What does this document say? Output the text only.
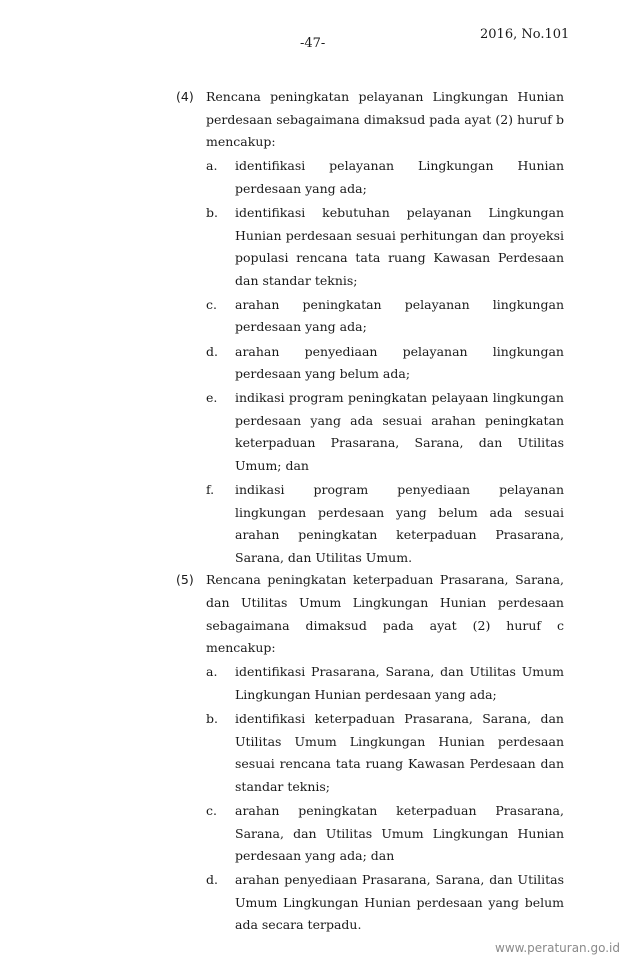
-47-
2016, No.101
(4) Rencana peningkatan pelayanan Lingkungan Hunian perdesaan sebagaimana dimaksud pada ayat (2) huruf b mencakup:

a.	identifikasi pelayanan Lingkungan Hunian perdesaan yang ada;

b.	identifikasi kebutuhan pelayanan Lingkungan Hunian perdesaan sesuai perhitungan dan proyeksi populasi rencana tata ruang Kawasan Perdesaan dan standar teknis;

c.	arahan peningkatan pelayanan lingkungan perdesaan yang ada;

d.	arahan penyediaan pelayanan lingkungan perdesaan yang belum ada;

e.	indikasi program peningkatan pelayaan lingkungan perdesaan yang ada sesuai arahan peningkatan keterpaduan Prasarana, Sarana, dan Utilitas Umum; dan

f.	indikasi program penyediaan pelayanan lingkungan perdesaan yang belum ada sesuai arahan peningkatan keterpaduan Prasarana, Sarana, dan Utilitas Umum.

(5) Rencana peningkatan keterpaduan Prasarana, Sarana, dan Utilitas Umum Lingkungan Hunian perdesaan sebagaimana dimaksud pada ayat (2) huruf c mencakup:

a.	identifikasi Prasarana, Sarana, dan Utilitas Umum Lingkungan Hunian perdesaan yang ada;

b.	identifikasi keterpaduan Prasarana, Sarana, dan Utilitas Umum Lingkungan Hunian perdesaan sesuai rencana tata ruang Kawasan Perdesaan dan standar teknis;

c.	arahan peningkatan keterpaduan Prasarana, Sarana, dan Utilitas Umum Lingkungan Hunian perdesaan yang ada; dan

d.	arahan penyediaan Prasarana, Sarana, dan Utilitas Umum Lingkungan Hunian perdesaan yang belum ada secara terpadu.

www.peraturan.go.id
